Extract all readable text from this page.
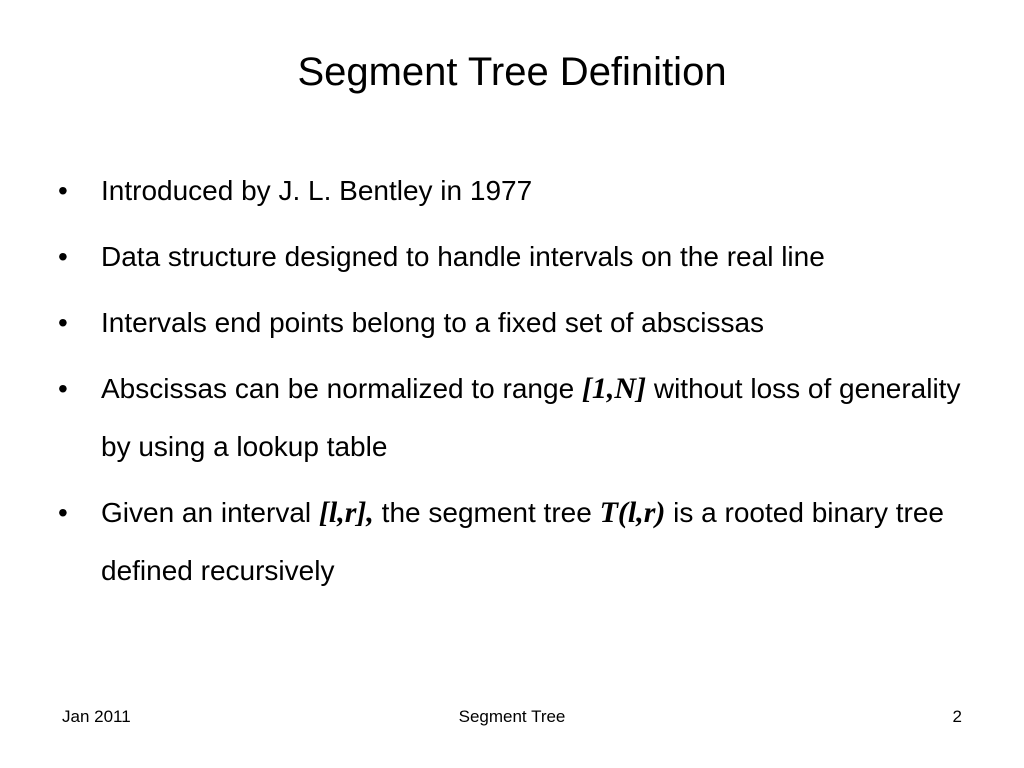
Segment Tree Definition
• Introduced by J. L. Bentley in 1977
• Data structure designed to handle intervals on the real line
• Intervals end points belong to a fixed set of abscissas
• Abscissas can be normalized to range [1,N] without loss of generality by using a lookup table
• Given an interval [l,r], the segment tree T(l,r) is a rooted binary tree defined recursively
Jan 2011	Segment Tree	2
